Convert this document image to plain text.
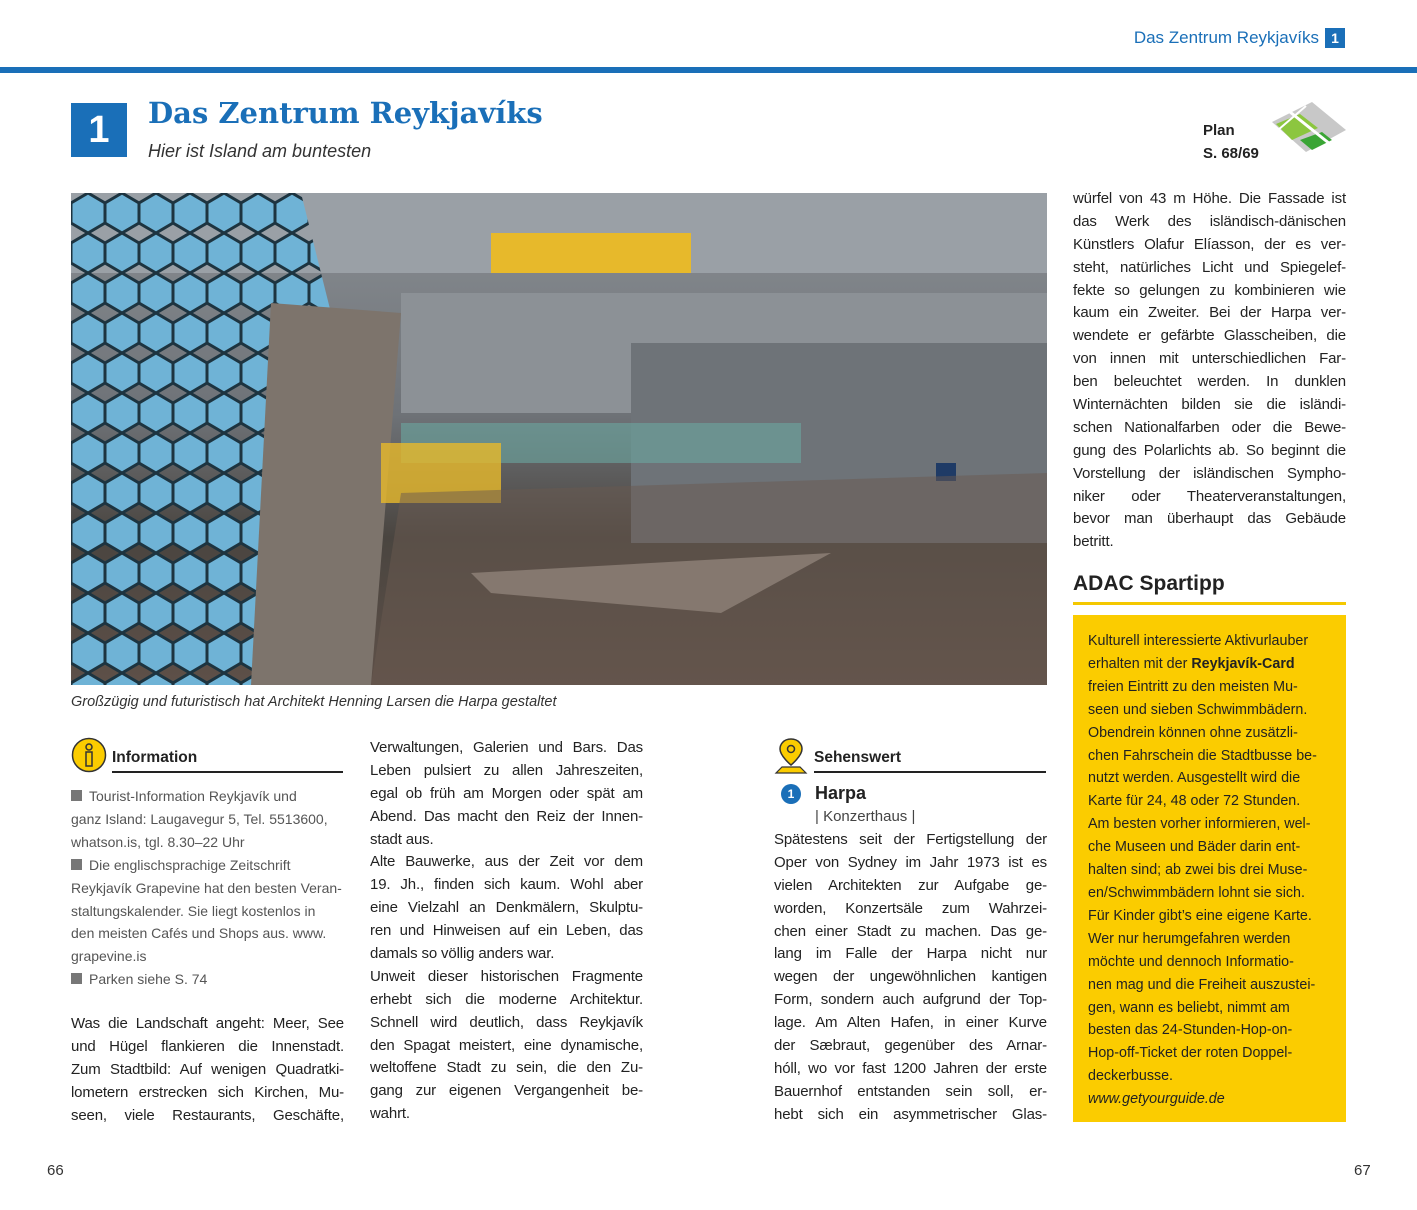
Das Zentrum Reykjavíks 1
1	Das Zentrum Reykjavíks
Hier ist Island am buntesten
Plan
S. 68/69
Großzügig und futuristisch hat Architekt Henning Larsen die Harpa gestaltet
Information
Tourist-Information Reykjavík und
ganz Island: Laugavegur 5, Tel. 5513600,
whatson.is, tgl. 8.30–22 Uhr
Die englischsprachige Zeitschrift
Reykjavík Grapevine hat den besten Veran-
staltungskalender. Sie liegt kostenlos in
den meisten Cafés und Shops aus. www.
grapevine.is
Parken siehe S. 74
Was die Landschaft angeht: Meer, See
und Hügel flankieren die Innenstadt.
Zum Stadtbild: Auf wenigen Quadratki-
lometern erstrecken sich Kirchen, Mu-
seen, viele Restaurants, Geschäfte,
Verwaltungen, Galerien und Bars. Das
Leben pulsiert zu allen Jahreszeiten,
egal ob früh am Morgen oder spät am
Abend. Das macht den Reiz der Innen-
stadt aus.
Alte Bauwerke, aus der Zeit vor dem
19. Jh., finden sich kaum. Wohl aber
eine Vielzahl an Denkmälern, Skulptu-
ren und Hinweisen auf ein Leben, das
damals so völlig anders war.
Unweit dieser historischen Fragmente
erhebt sich die moderne Architektur.
Schnell wird deutlich, dass Reykjavík
den Spagat meistert, eine dynamische,
weltoffene Stadt zu sein, die den Zu-
gang zur eigenen Vergangenheit be-
wahrt.
Sehenswert
1	Harpa
| Konzerthaus |
Spätestens seit der Fertigstellung der
Oper von Sydney im Jahr 1973 ist es
vielen Architekten zur Aufgabe ge-
worden, Konzertsäle zum Wahrzei-
chen einer Stadt zu machen. Das ge-
lang im Falle der Harpa nicht nur
wegen der ungewöhnlichen kantigen
Form, sondern auch aufgrund der Top-
lage. Am Alten Hafen, in einer Kurve
der Sæbraut, gegenüber des Arnar-
hóll, wo vor fast 1200 Jahren der erste
Bauernhof entstanden sein soll, er-
hebt sich ein asymmetrischer Glas-
würfel von 43 m Höhe. Die Fassade ist
das Werk des isländisch-dänischen
Künstlers Olafur Elíasson, der es ver-
steht, natürliches Licht und Spiegelef-
fekte so gelungen zu kombinieren wie
kaum ein Zweiter. Bei der Harpa ver-
wendete er gefärbte Glasscheiben, die
von innen mit unterschiedlichen Far-
ben beleuchtet werden. In dunklen
Winternächten bilden sie die isländi-
schen Nationalfarben oder die Bewe-
gung des Polarlichts ab. So beginnt die
Vorstellung der isländischen Sympho-
niker oder Theaterveranstaltungen,
bevor man überhaupt das Gebäude
betritt.
ADAC Spartipp
Kulturell interessierte Aktivurlauber
erhalten mit der Reykjavík-Card
freien Eintritt zu den meisten Mu-
seen und sieben Schwimmbädern.
Obendrein können ohne zusätzli-
chen Fahrschein die Stadtbusse be-
nutzt werden. Ausgestellt wird die
Karte für 24, 48 oder 72 Stunden.
Am besten vorher informieren, wel-
che Museen und Bäder darin ent-
halten sind; ab zwei bis drei Muse-
en/Schwimmbädern lohnt sie sich.
Für Kinder gibt’s eine eigene Karte.
Wer nur herumgefahren werden
möchte und dennoch Informatio-
nen mag und die Freiheit auszustei-
gen, wann es beliebt, nimmt am
besten das 24-Stunden-Hop-on-
Hop-off-Ticket der roten Doppel-
deckerbusse.
www.getyourguide.de
66	67
